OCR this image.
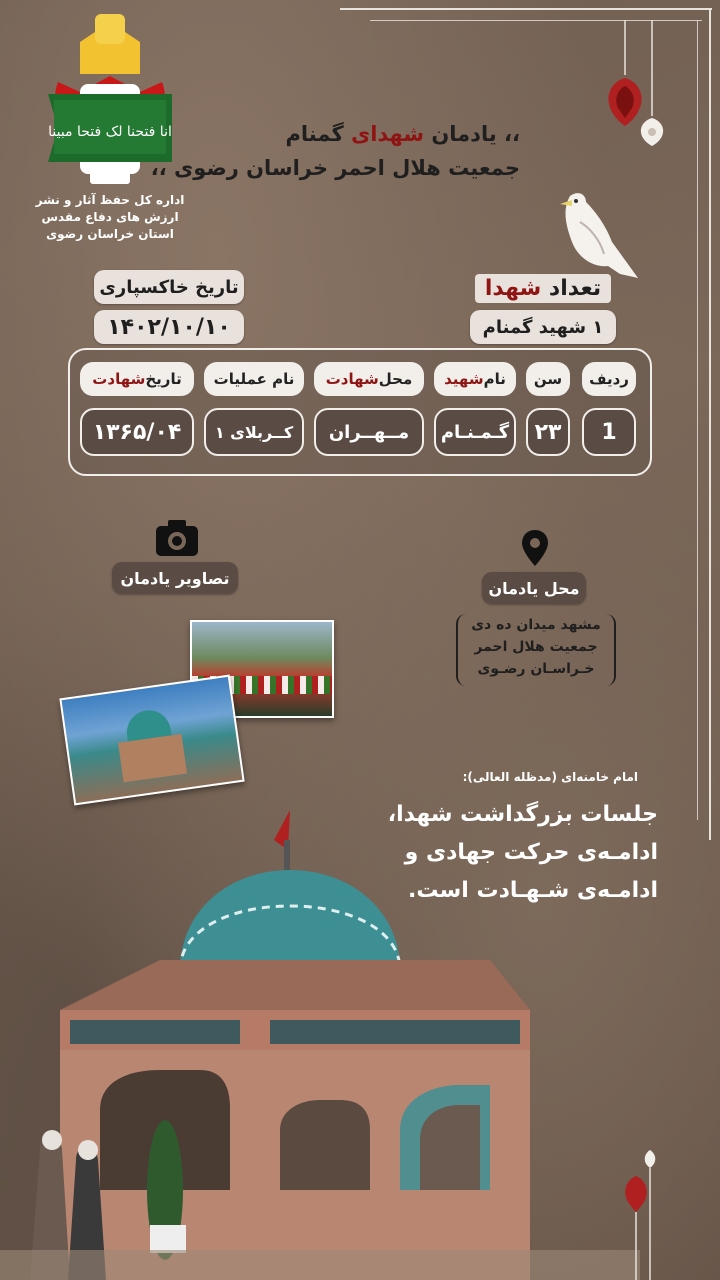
انا فتحنا لک فتحا مبینا
اداره کل حفظ آثار و نشر
ارزش های دفاع مقدس
استان خراسان رضوی
،، یادمان شهدای گمنام
جمعیت هلال احمر خراسان رضوی ،،
تعداد شهدا
۱ شهید گمنام
تاریخ خاکسپاری
۱۴۰۲/۱۰/۱۰
ردیف
سن
نام
شهید
محل
شهادت
نام عملیات
تاریخ
شهادت
1
۲۳
گـمـنـام
مــهــران
کــربلای ۱
۱۳۶۵/۰۴
محل یادمان
مشهد میدان ده دی
جمعیت هلال احمر
خـراسـان رضـوی
تصاویر یادمان
امام خامنه‌ای (مدظله العالی):
جلسات بزرگداشت شهدا،
ادامـه‌ی حرکت جهادی و
ادامـه‌ی شـهـادت است.
